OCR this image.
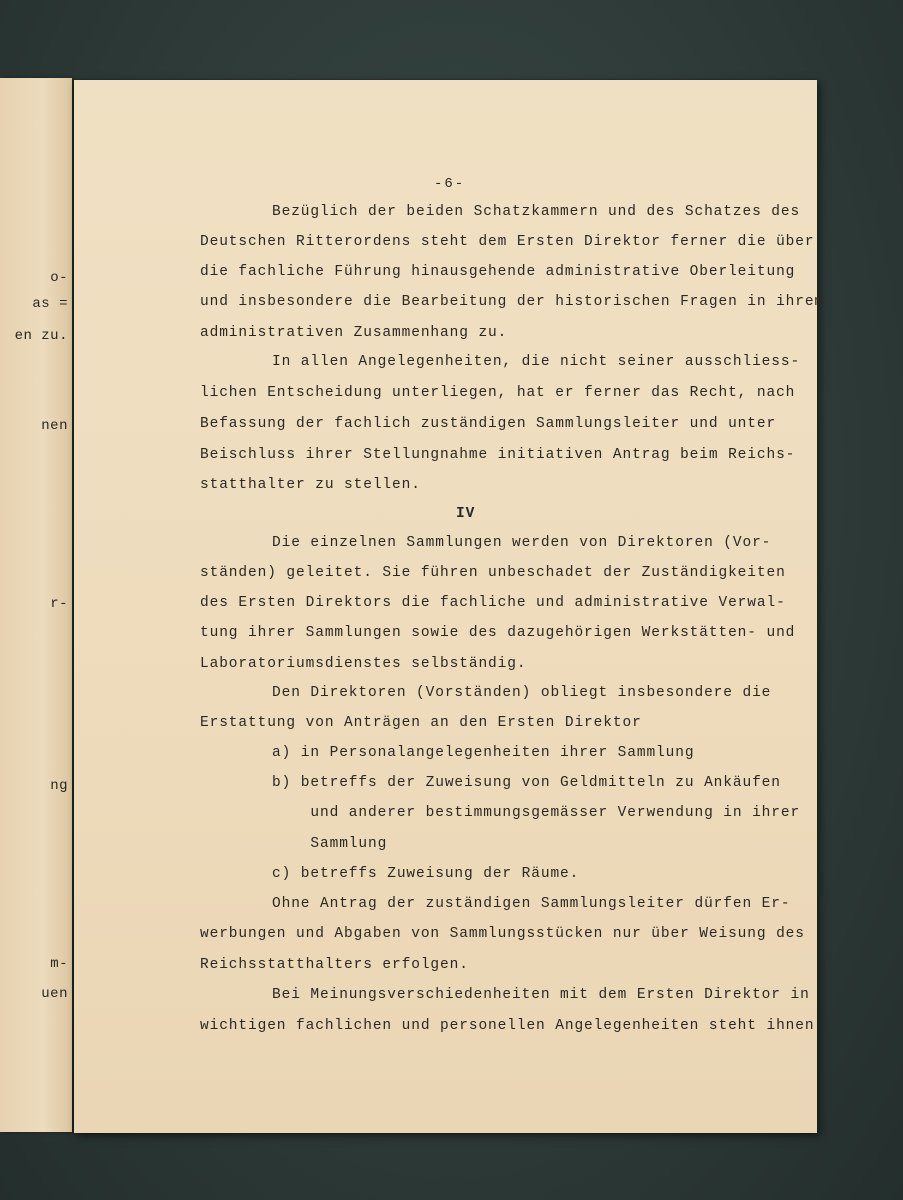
o-
as =
en zu.
nen
r-
ng
m-
uen
-6-
Bezüglich der beiden Schatzkammern und des Schatzes des
Deutschen Ritterordens steht dem Ersten Direktor ferner die über
die fachliche Führung hinausgehende administrative Oberleitung
und insbesondere die Bearbeitung der historischen Fragen in ihrem
administrativen Zusammenhang zu.
In allen Angelegenheiten, die nicht seiner ausschliess-
lichen Entscheidung unterliegen, hat er ferner das Recht, nach
Befassung der fachlich zuständigen Sammlungsleiter und unter
Beischluss ihrer Stellungnahme initiativen Antrag beim Reichs-
statthalter zu stellen.
IV
Die einzelnen Sammlungen werden von Direktoren (Vor-
ständen) geleitet. Sie führen unbeschadet der Zuständigkeiten
des Ersten Direktors die fachliche und administrative Verwal-
tung ihrer Sammlungen sowie des dazugehörigen Werkstätten- und
Laboratoriumsdienstes selbständig.
Den Direktoren (Vorständen) obliegt insbesondere die
Erstattung von Anträgen an den Ersten Direktor
a) in Personalangelegenheiten ihrer Sammlung
b) betreffs der Zuweisung von Geldmitteln zu Ankäufen
und anderer bestimmungsgemässer Verwendung in ihrer
Sammlung
c) betreffs Zuweisung der Räume.
Ohne Antrag der zuständigen Sammlungsleiter dürfen Er-
werbungen und Abgaben von Sammlungsstücken nur über Weisung des
Reichsstatthalters erfolgen.
Bei Meinungsverschiedenheiten mit dem Ersten Direktor in
wichtigen fachlichen und personellen Angelegenheiten steht ihnen
